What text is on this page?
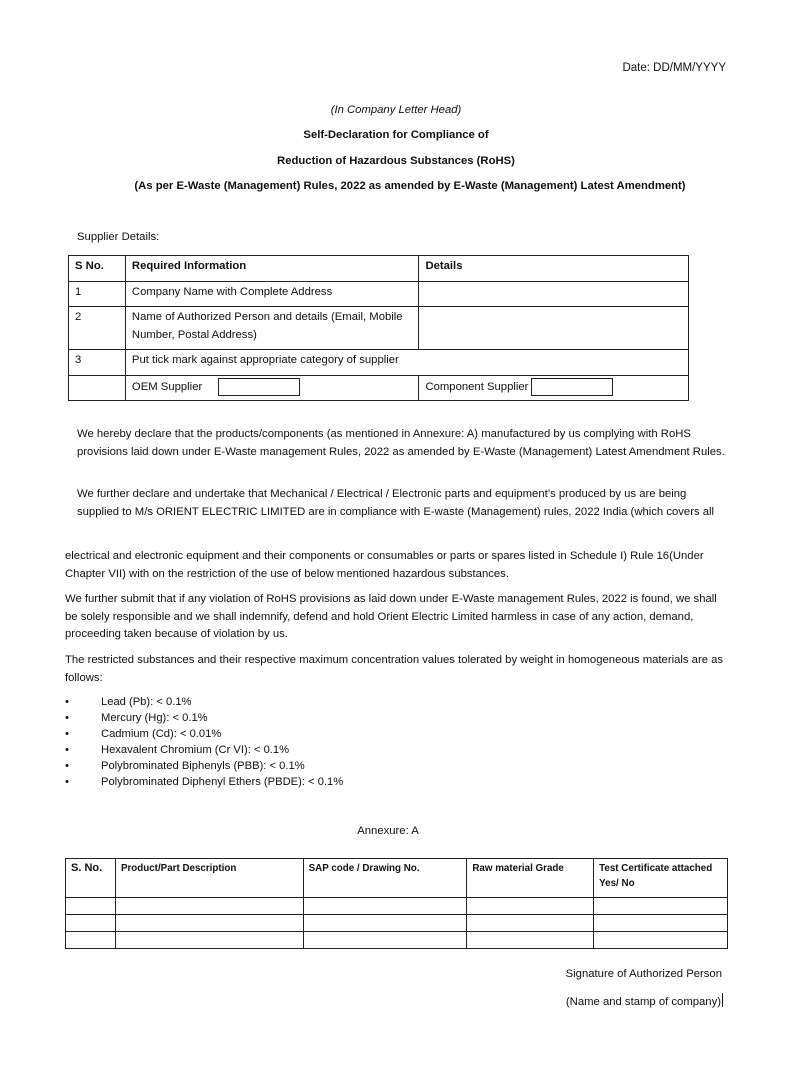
Date: DD/MM/YYYY
(In Company Letter Head)
Self-Declaration for Compliance of
Reduction of Hazardous Substances (RoHS)
(As per E-Waste (Management) Rules, 2022 as amended by E-Waste (Management) Latest Amendment)
Supplier Details:
S No.	Required Information	Details
1	Company Name with Complete Address	
2	Name of Authorized Person and details (Email, Mobile Number, Postal Address)	
3	Put tick mark against appropriate category of supplier	
	OEM Supplier	Component Supplier
We hereby declare that the products/components (as mentioned in Annexure: A) manufactured by us complying with RoHS provisions laid down under E-Waste management Rules, 2022 as amended by E-Waste (Management) Latest Amendment Rules.
We further declare and undertake that Mechanical / Electrical / Electronic parts and equipment’s produced by us are being supplied to M/s ORIENT ELECTRIC LIMITED are in compliance with E-waste (Management) rules, 2022 India (which covers all
electrical and electronic equipment and their components or consumables or parts or spares listed in Schedule I) Rule 16(Under Chapter VII) with on the restriction of the use of below mentioned hazardous substances.
We further submit that if any violation of RoHS provisions as laid down under E-Waste management Rules, 2022 is found, we shall be solely responsible and we shall indemnify, defend and hold Orient Electric Limited harmless in case of any action, demand, proceeding taken because of violation by us.
The restricted substances and their respective maximum concentration values tolerated by weight in homogeneous materials are as follows:
•	Lead (Pb): < 0.1%
•	Mercury (Hg): < 0.1%
•	Cadmium (Cd): < 0.01%
•	Hexavalent Chromium (Cr VI): < 0.1%
•	Polybrominated Biphenyls (PBB): < 0.1%
•	Polybrominated Diphenyl Ethers (PBDE): < 0.1%
Annexure: A
S. No.	Product/Part Description	SAP code / Drawing No.	Raw material Grade	Test Certificate attached Yes/ No

Signature of Authorized Person
(Name and stamp of company)
